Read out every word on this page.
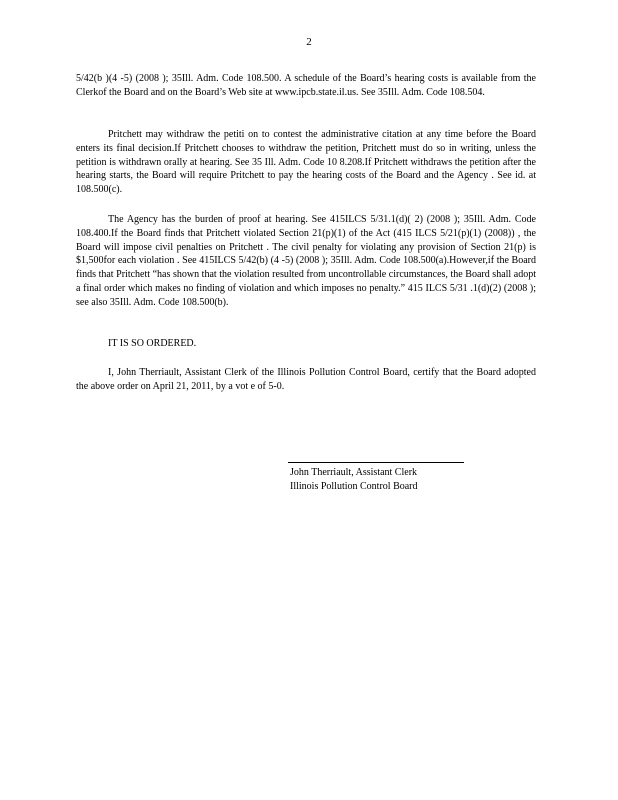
2
5/42(b )(4 -5) (2008 ); 35Ill. Adm. Code 108.500. A schedule of the Board’s hearing costs is available from the Clerkof the Board and on the Board’s Web site at www.ipcb.state.il.us. See 35Ill. Adm. Code 108.504.
Pritchett may withdraw the petiti on to contest the administrative citation at any time before the Board enters its final decision.If Pritchett chooses to withdraw the petition, Pritchett must do so in writing, unless the petition is withdrawn orally at hearing. See 35 Ill. Adm. Code 10 8.208.If Pritchett withdraws the petition after the hearing starts, the Board will require Pritchett to pay the hearing costs of the Board and the Agency . See id. at 108.500(c).
The Agency has the burden of proof at hearing. See 415ILCS 5/31.1(d)( 2) (2008 ); 35Ill. Adm. Code 108.400.If the Board finds that Pritchett violated Section 21(p)(1) of the Act (415 ILCS 5/21(p)(1) (2008)) , the Board will impose civil penalties on Pritchett . The civil penalty for violating any provision of Section 21(p) is $1,500for each violation . See 415ILCS 5/42(b) (4 -5) (2008 ); 35Ill. Adm. Code 108.500(a).However,if the Board finds that Pritchett “has shown that the violation resulted from uncontrollable circumstances, the Board shall adopt a final order which makes no finding of violation and which imposes no penalty.” 415 ILCS 5/31 .1(d)(2) (2008 ); see also 35Ill. Adm. Code 108.500(b).
IT IS SO ORDERED.
I, John Therriault, Assistant Clerk of the Illinois Pollution Control Board, certify that the Board adopted the above order on April 21, 2011, by a vot e of 5-0.
John Therriault, Assistant Clerk
Illinois Pollution Control Board
